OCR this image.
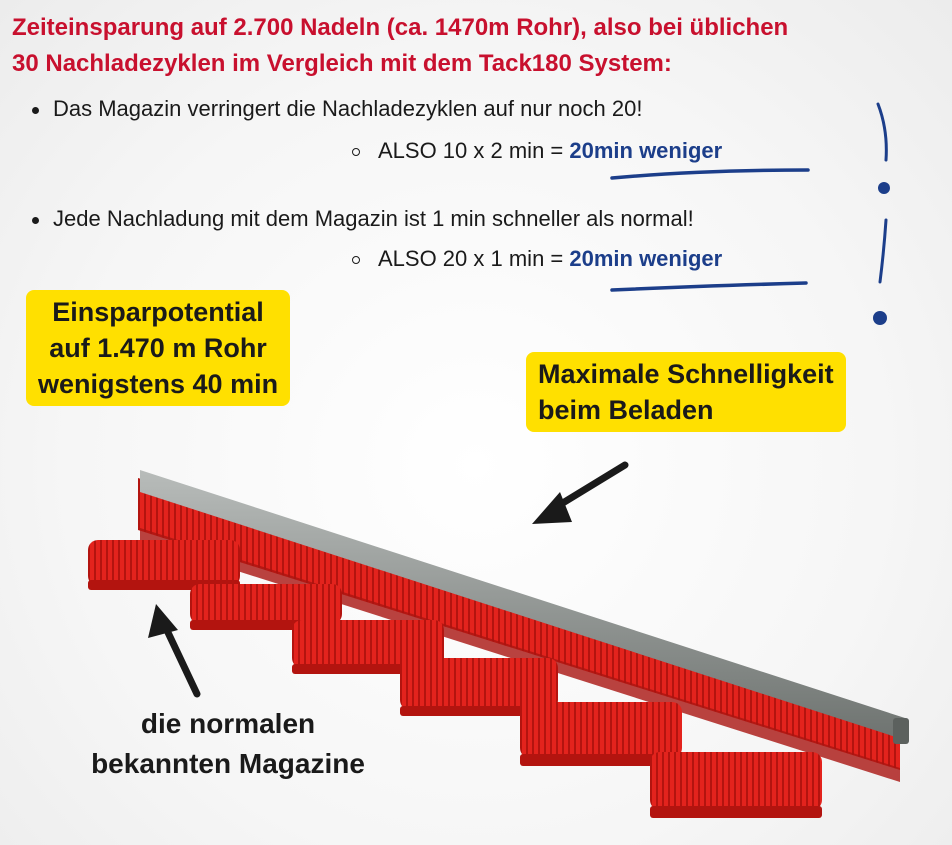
Zeiteinsparung auf 2.700 Nadeln (ca. 1470m Rohr), also bei üblichen
30 Nachladezyklen im Vergleich mit dem Tack180 System:
Das Magazin verringert die Nachladezyklen auf nur noch 20!
ALSO 10 x 2 min = 20min weniger
Jede Nachladung mit dem Magazin ist 1 min schneller als normal!
ALSO 20 x 1 min = 20min weniger
Einsparpotential
auf 1.470 m Rohr
wenigstens 40 min	Maximale Schnelligkeit
beim Beladen
die normalen
bekannten Magazine
